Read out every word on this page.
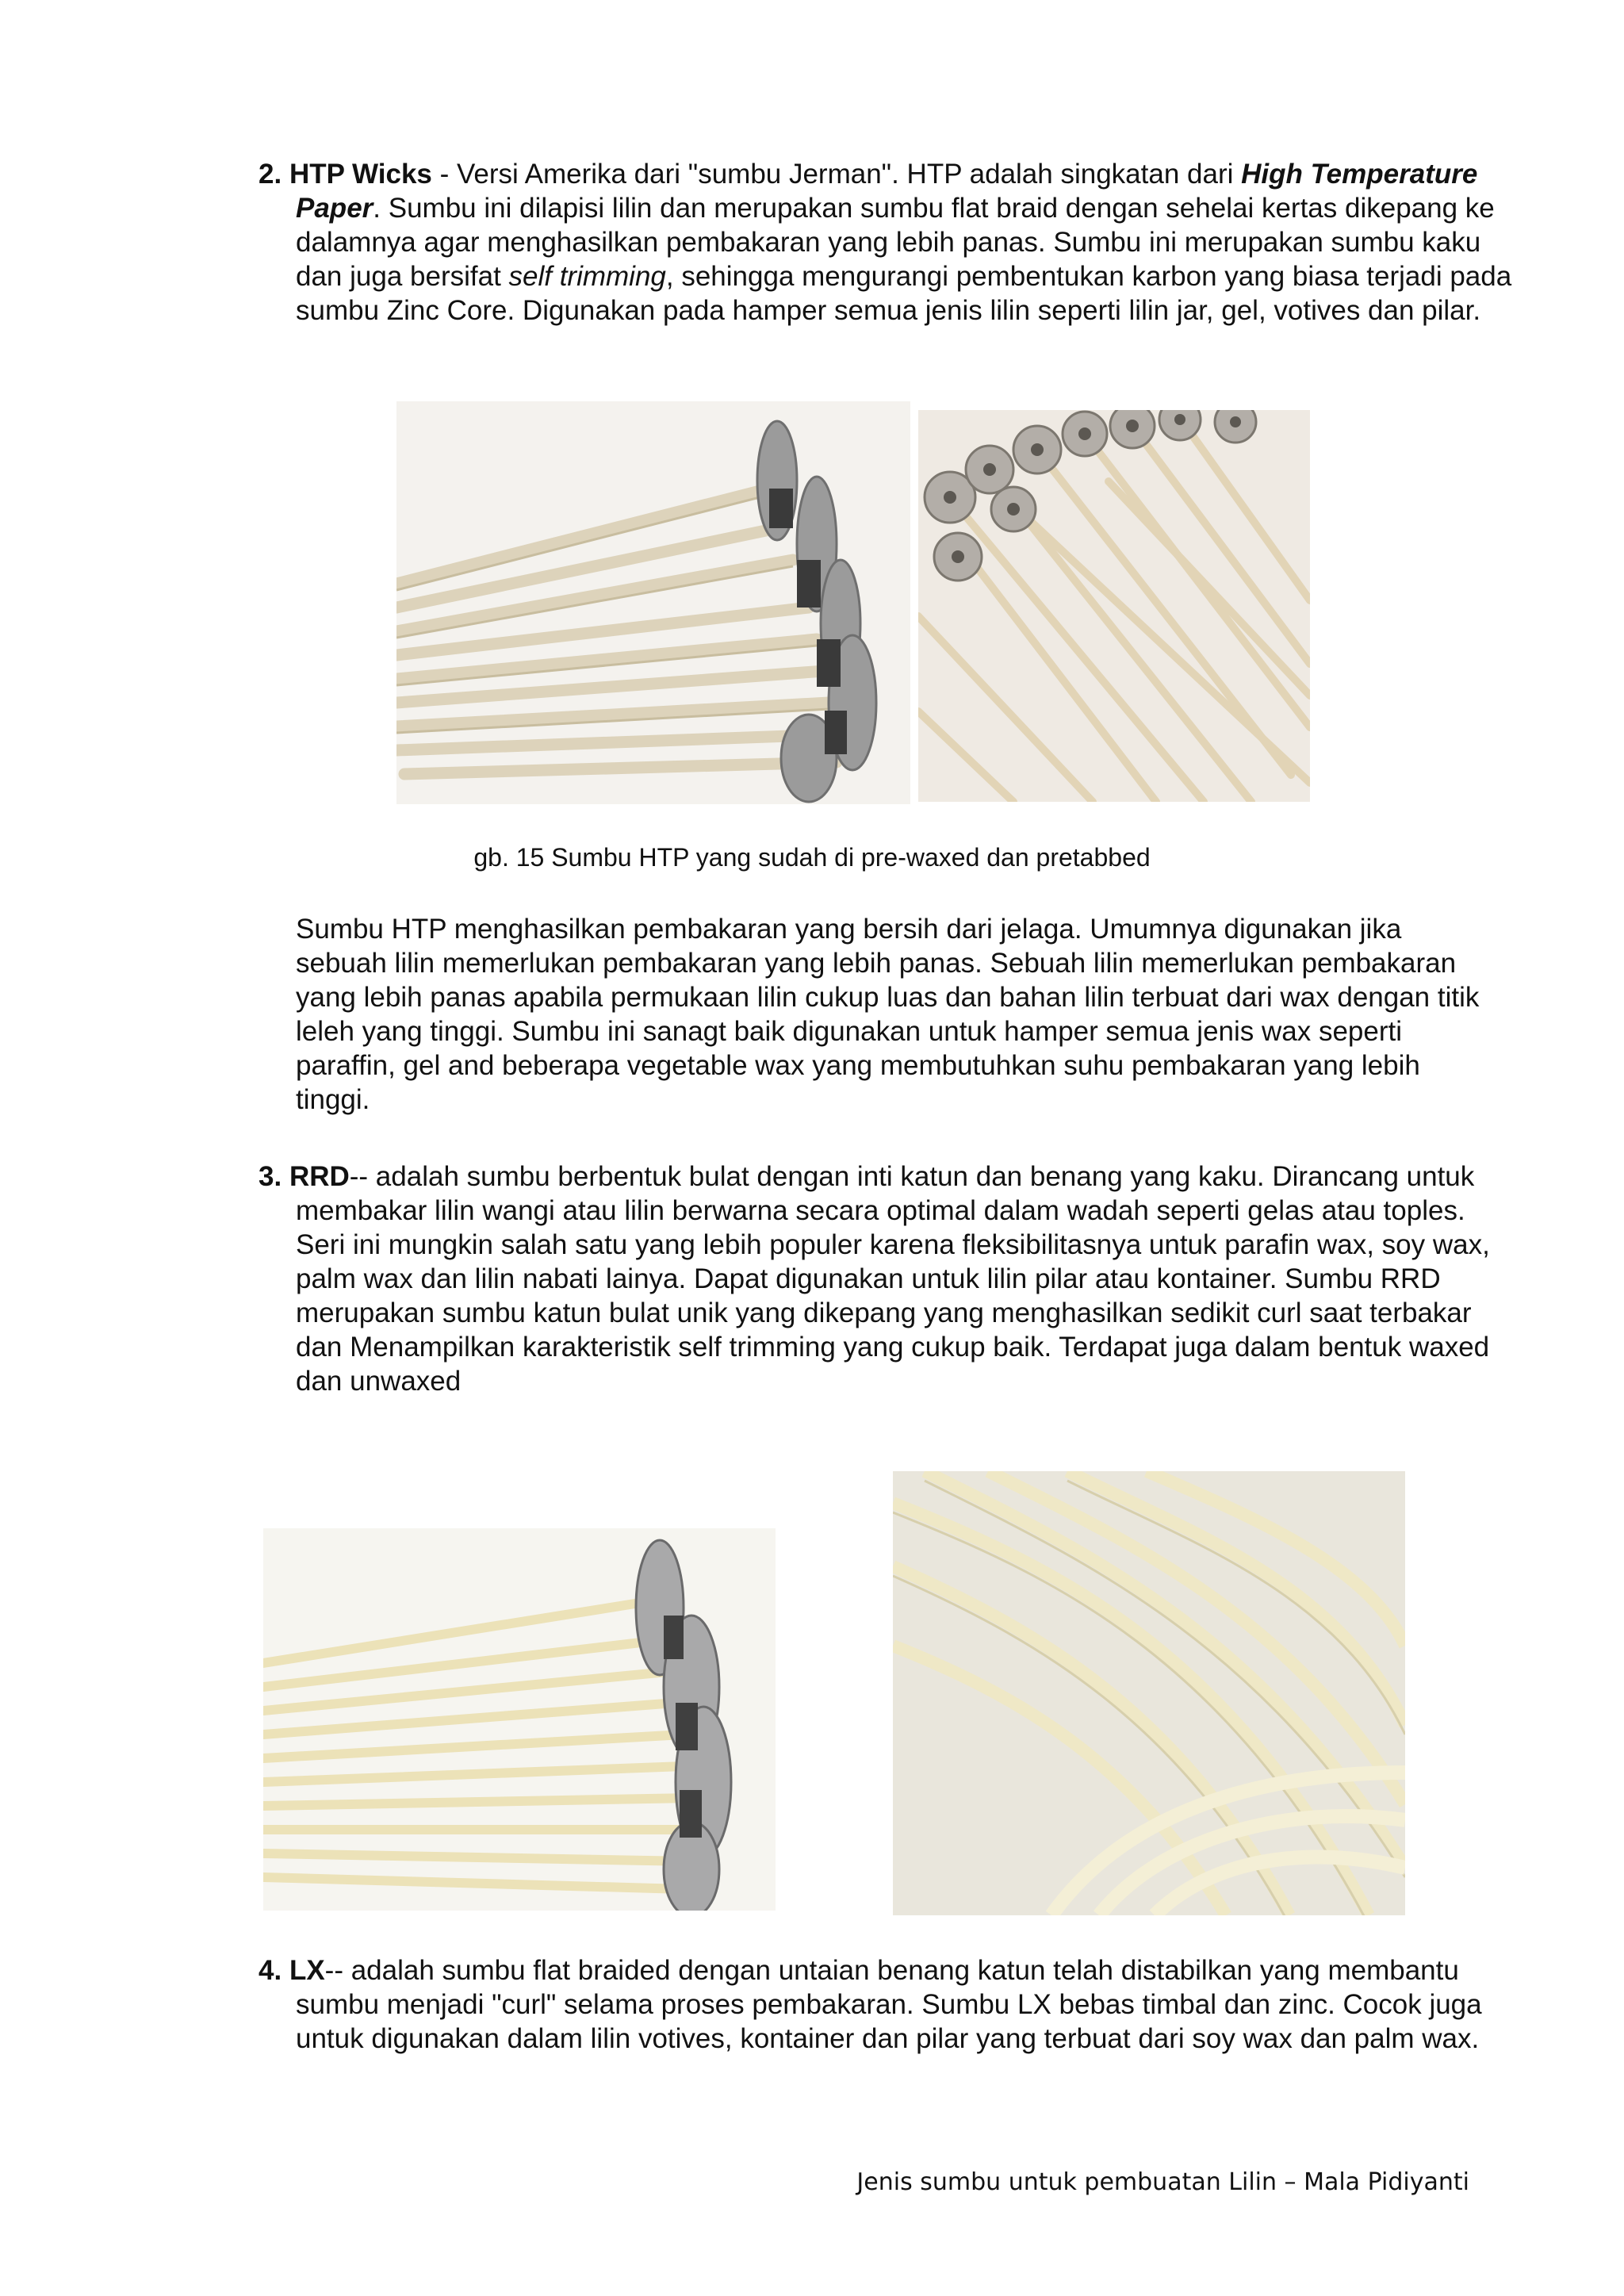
2. HTP Wicks - Versi Amerika dari "sumbu Jerman". HTP adalah singkatan dari High Temperature Paper. Sumbu ini dilapisi lilin dan merupakan sumbu flat braid dengan sehelai kertas dikepang ke dalamnya agar menghasilkan pembakaran yang lebih panas. Sumbu ini merupakan sumbu kaku dan juga bersifat self trimming, sehingga mengurangi pembentukan karbon yang biasa terjadi pada sumbu Zinc Core. Digunakan pada hamper semua jenis lilin seperti lilin jar, gel, votives dan pilar.

gb. 15 Sumbu HTP yang sudah di pre-waxed dan pretabbed

Sumbu HTP menghasilkan pembakaran yang bersih dari jelaga. Umumnya digunakan jika sebuah lilin memerlukan pembakaran yang lebih panas. Sebuah lilin memerlukan pembakaran yang lebih panas apabila permukaan lilin cukup luas dan bahan lilin terbuat dari wax dengan titik leleh yang tinggi. Sumbu ini sanagt baik digunakan untuk hamper semua jenis wax seperti paraffin, gel and beberapa vegetable wax yang membutuhkan suhu pembakaran yang lebih tinggi.

3. RRD-- adalah sumbu berbentuk bulat dengan inti katun dan benang yang kaku. Dirancang untuk membakar lilin wangi atau lilin berwarna secara optimal dalam wadah seperti gelas atau toples. Seri ini mungkin salah satu yang lebih populer karena fleksibilitasnya untuk parafin wax, soy wax, palm wax dan lilin nabati lainya. Dapat digunakan untuk lilin pilar atau kontainer. Sumbu RRD merupakan sumbu katun bulat unik yang dikepang yang menghasilkan sedikit curl saat terbakar dan Menampilkan karakteristik self trimming yang cukup baik. Terdapat juga dalam bentuk waxed dan unwaxed

4. LX-- adalah sumbu flat braided dengan untaian benang katun telah distabilkan yang membantu sumbu menjadi "curl" selama proses pembakaran. Sumbu LX bebas timbal dan zinc. Cocok juga untuk digunakan dalam lilin votives, kontainer dan pilar yang terbuat dari soy wax dan palm wax.

Jenis sumbu untuk pembuatan Lilin – Mala Pidiyanti
